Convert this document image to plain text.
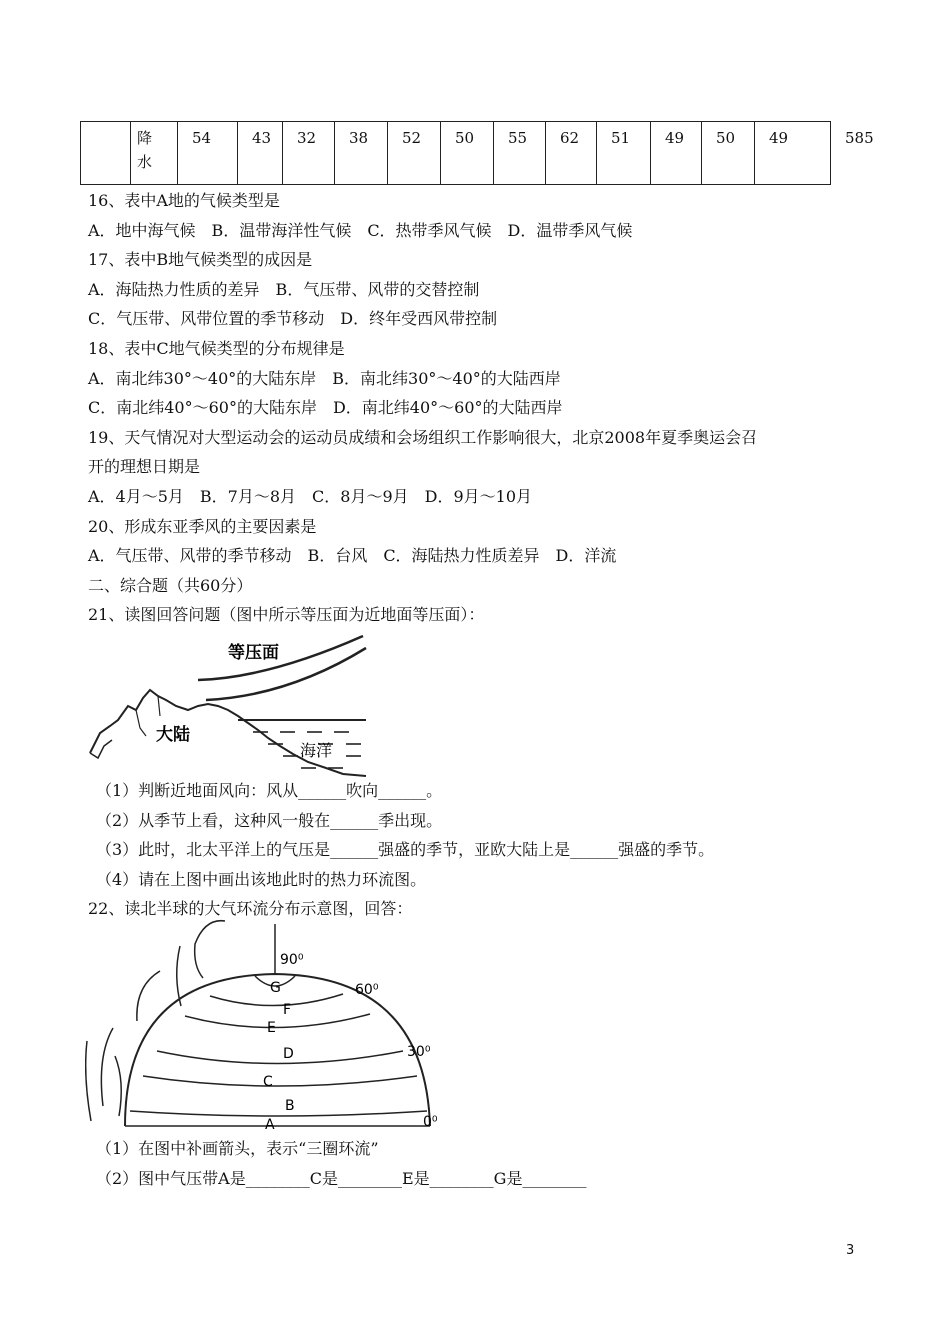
	降
水	54	43	32	38	52	50	55	62	51	49	50	49	585
16、表中A地的气候类型是
A．地中海气候　B．温带海洋性气候　C．热带季风气候　D．温带季风气候
17、表中B地气候类型的成因是
A．海陆热力性质的差异　B．气压带、风带的交替控制
C．气压带、风带位置的季节移动　D．终年受西风带控制
18、表中C地气候类型的分布规律是
A．南北纬30°～40°的大陆东岸　B．南北纬30°～40°的大陆西岸
C．南北纬40°～60°的大陆东岸　D．南北纬40°～60°的大陆西岸
19、天气情况对大型运动会的运动员成绩和会场组织工作影响很大，北京2008年夏季奥运会召
开的理想日期是
A．4月～5月　B．7月～8月　C．8月～9月　D．9月～10月
20、形成东亚季风的主要因素是
A．气压带、风带的季节移动　B．台风　C．海陆热力性质差异　D．洋流
二、综合题（共60分）
21、读图回答问题（图中所示等压面为近地面等压面）：
等压面
大陆
海洋
（1）判断近地面风向：风从______吹向______。
（2）从季节上看，这种风一般在______季出现。
（3）此时，北太平洋上的气压是______强盛的季节，亚欧大陆上是______强盛的季节。
（4）请在上图中画出该地此时的热力环流图。
22、读北半球的大气环流分布示意图，回答：
G
F
E
D
C
B
A
90⁰
60⁰
30⁰
0⁰
（1）在图中补画箭头，表示“三圈环流”
（2）图中气压带A是________C是________E是________G是________
3
